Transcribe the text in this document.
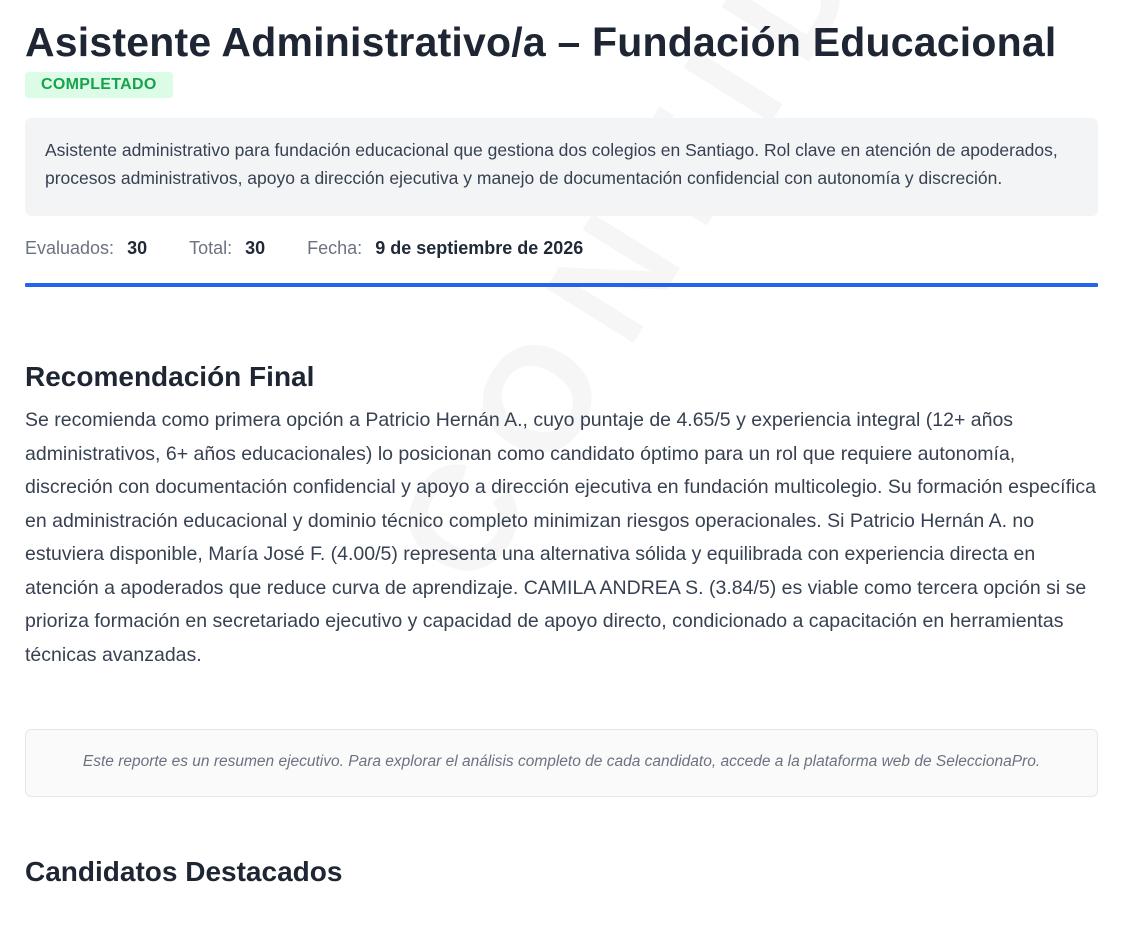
Asistente Administrativo/a – Fundación Educacional
COMPLETADO
Asistente administrativo para fundación educacional que gestiona dos colegios en Santiago. Rol clave en atención de apoderados, procesos administrativos, apoyo a dirección ejecutiva y manejo de documentación confidencial con autonomía y discreción.
Evaluados: 30 Total: 30 Fecha: 9 de septiembre de 2026
Recomendación Final
Se recomienda como primera opción a Patricio Hernán A., cuyo puntaje de 4.65/5 y experiencia integral (12+ años administrativos, 6+ años educacionales) lo posicionan como candidato óptimo para un rol que requiere autonomía, discreción con documentación confidencial y apoyo a dirección ejecutiva en fundación multicolegio. Su formación específica en administración educacional y dominio técnico completo minimizan riesgos operacionales. Si Patricio Hernán A. no estuviera disponible, María José F. (4.00/5) representa una alternativa sólida y equilibrada con experiencia directa en atención a apoderados que reduce curva de aprendizaje. CAMILA ANDREA S. (3.84/5) es viable como tercera opción si se prioriza formación en secretariado ejecutivo y capacidad de apoyo directo, condicionado a capacitación en herramientas técnicas avanzadas.
Este reporte es un resumen ejecutivo. Para explorar el análisis completo de cada candidato, accede a la plataforma web de SeleccionaPro.
Candidatos Destacados
